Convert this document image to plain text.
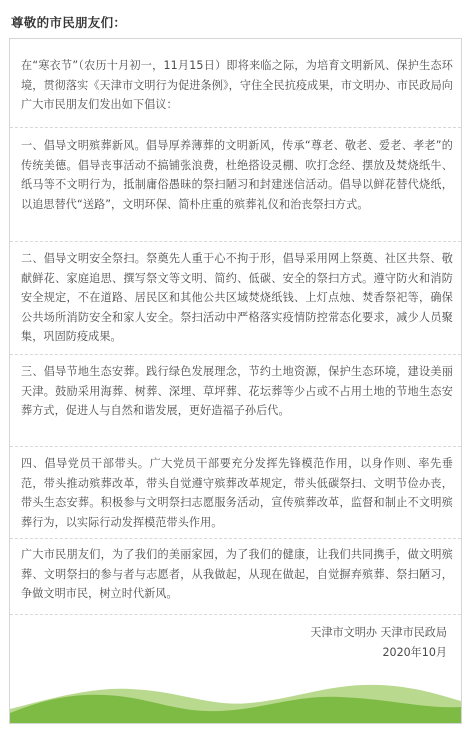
尊敬的市民朋友们：

在“寒衣节”（农历十月初一，11月15日）即将来临之际，为培育文明新风、保护生态环境，贯彻落实《天津市文明行为促进条例》，守住全民抗疫成果，市文明办、市民政局向广大市民朋友们发出如下倡议：

一、倡导文明殡葬新风。倡导厚养薄葬的文明新风，传承“尊老、敬老、爱老、孝老”的传统美德。倡导丧事活动不搞铺张浪费，杜绝搭设灵棚、吹打念经、摆放及焚烧纸牛、纸马等不文明行为，抵制庸俗愚昧的祭扫陋习和封建迷信活动。倡导以鲜花替代烧纸，以追思替代“送路”，文明环保、简朴庄重的殡葬礼仪和治丧祭扫方式。

二、倡导文明安全祭扫。祭奠先人重于心不拘于形，倡导采用网上祭奠、社区共祭、敬献鲜花、家庭追思、撰写祭文等文明、简约、低碳、安全的祭扫方式。遵守防火和消防安全规定，不在道路、居民区和其他公共区域焚烧纸钱、上灯点烛、焚香祭祀等，确保公共场所消防安全和家人安全。祭扫活动中严格落实疫情防控常态化要求，减少人员聚集，巩固防疫成果。

三、倡导节地生态安葬。践行绿色发展理念，节约土地资源，保护生态环境，建设美丽天津。鼓励采用海葬、树葬、深埋、草坪葬、花坛葬等少占或不占用土地的节地生态安葬方式，促进人与自然和谐发展，更好造福子孙后代。

四、倡导党员干部带头。广大党员干部要充分发挥先锋模范作用，以身作则、率先垂范，带头推动殡葬改革，带头自觉遵守殡葬改革规定，带头低碳祭扫、文明节俭办丧，带头生态安葬。积极参与文明祭扫志愿服务活动，宣传殡葬改革，监督和制止不文明殡葬行为，以实际行动发挥模范带头作用。

广大市民朋友们，为了我们的美丽家园，为了我们的健康，让我们共同携手，做文明殡葬、文明祭扫的参与者与志愿者，从我做起，从现在做起，自觉摒弃殡葬、祭扫陋习，争做文明市民，树立时代新风。

天津市文明办 天津市民政局
2020年10月
